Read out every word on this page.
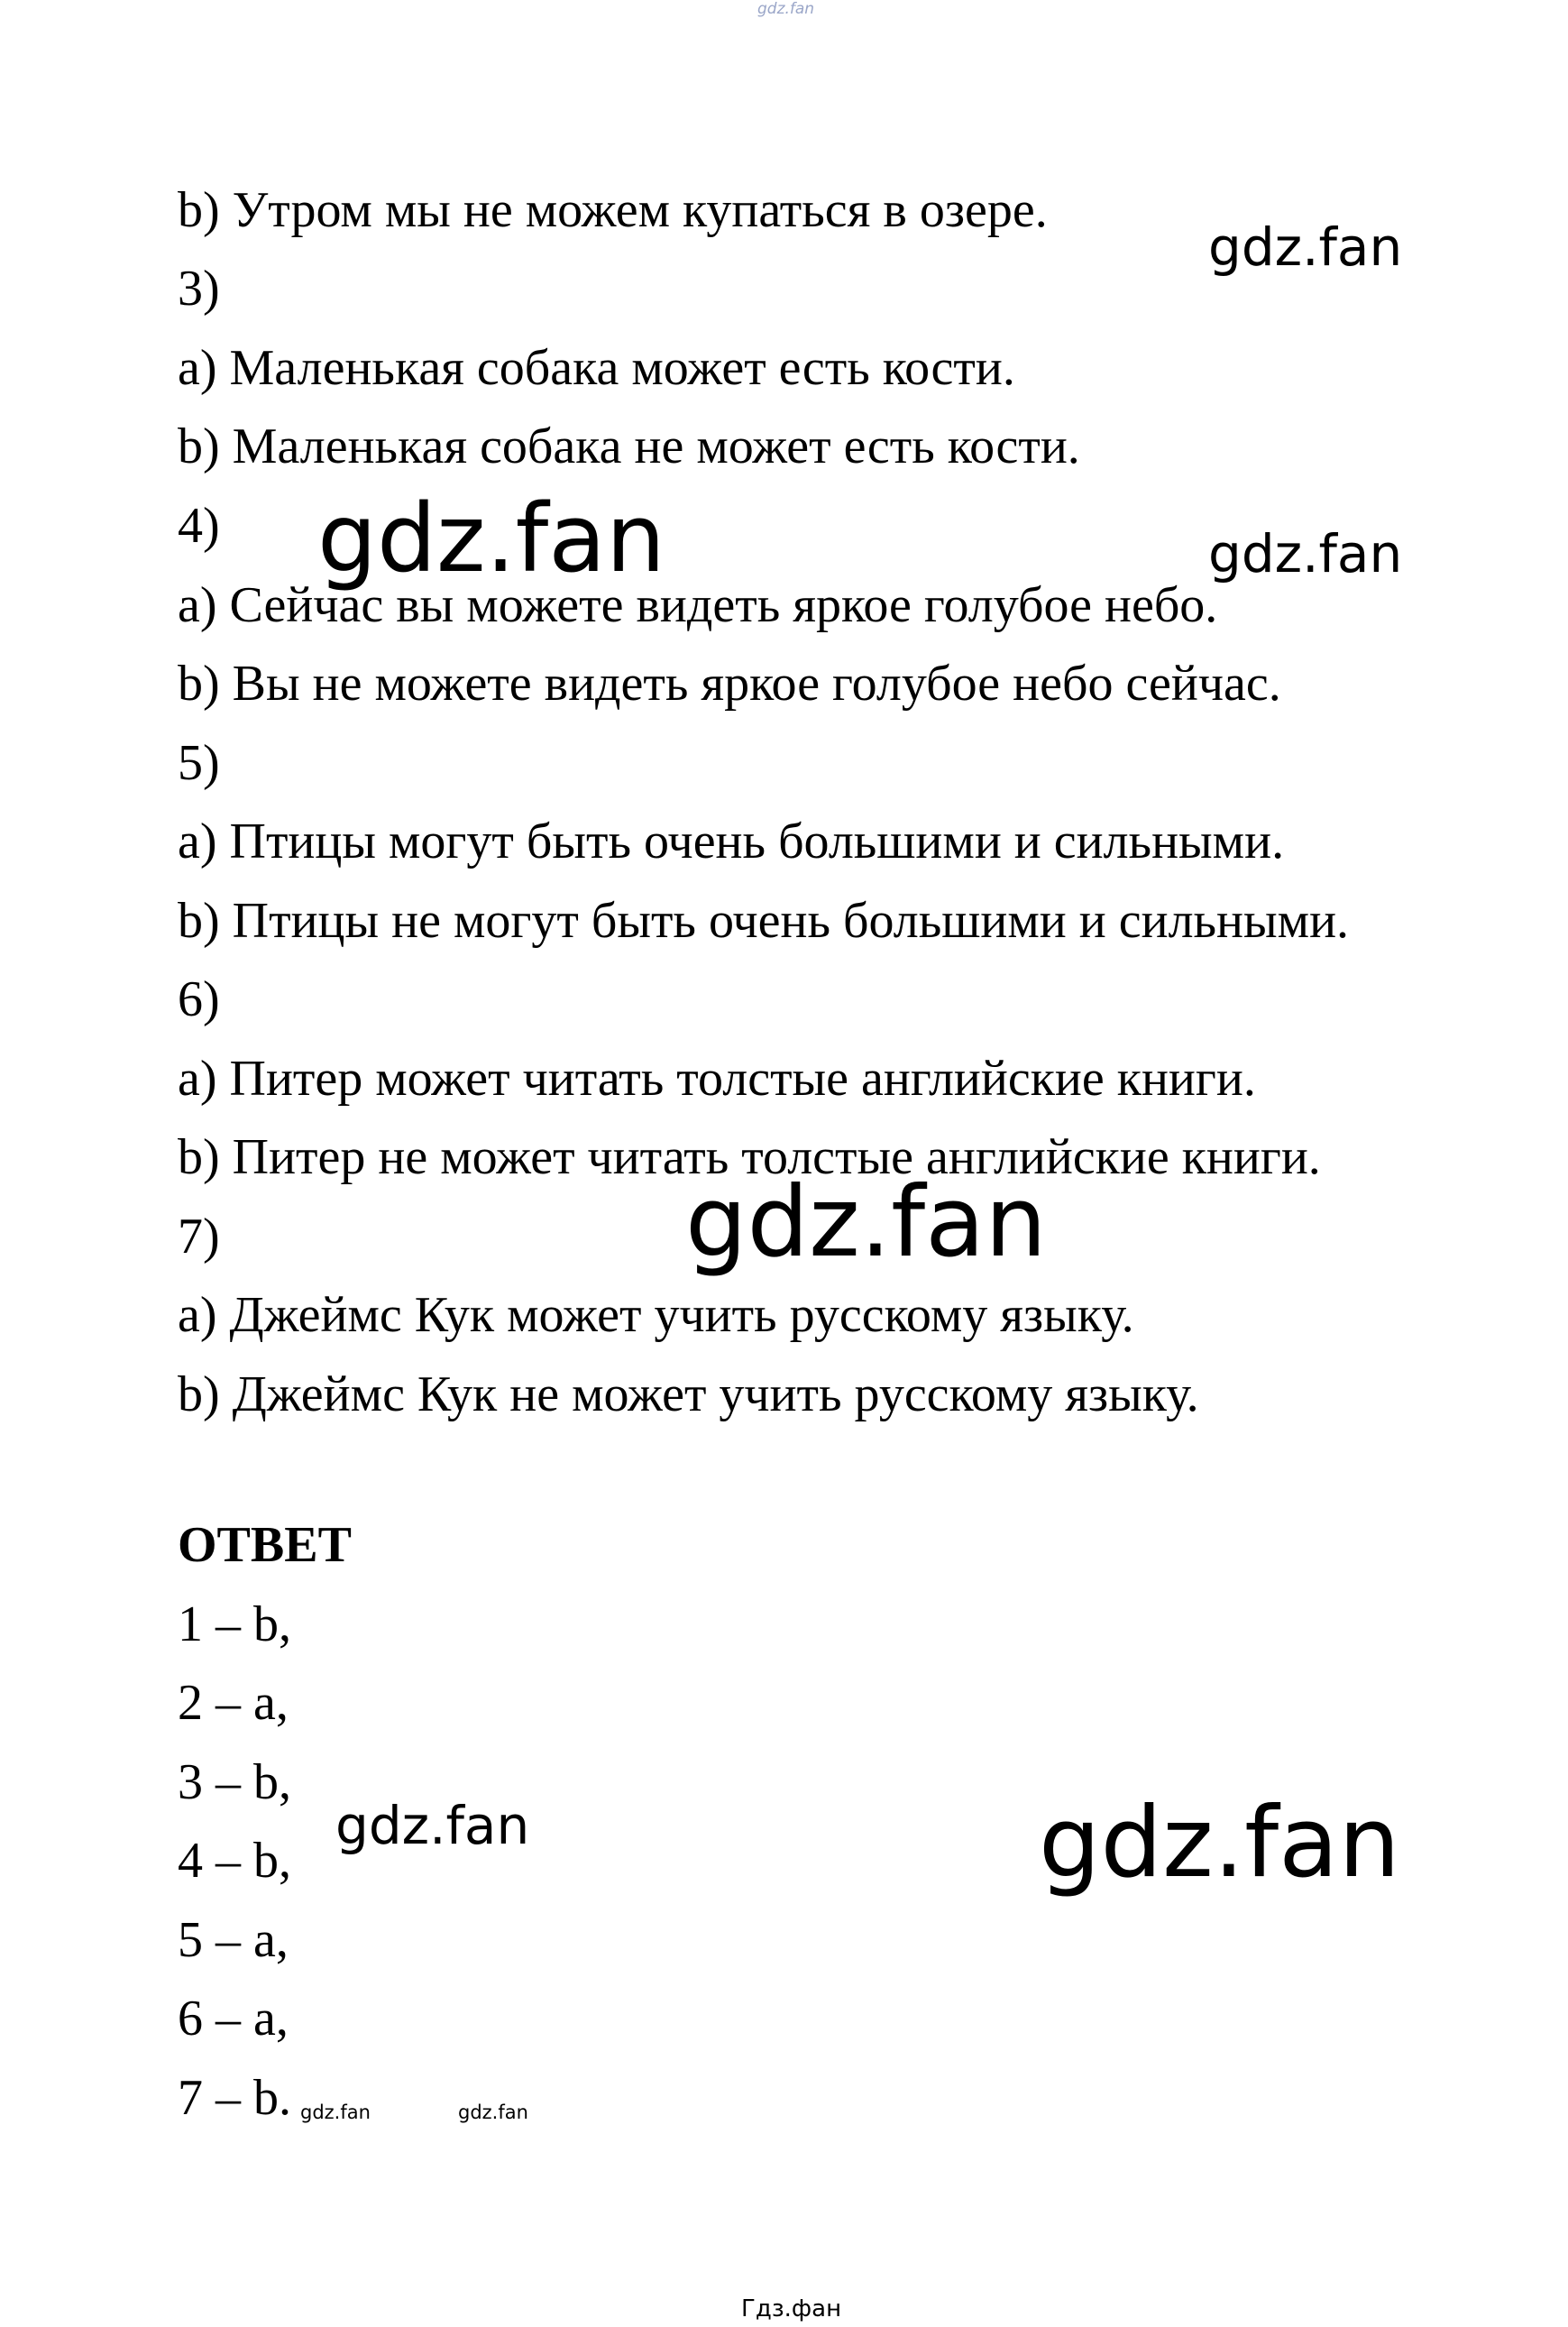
gdz.fan
b) Утром мы не можем купаться в озере.
3)
a) Маленькая собака может есть кости.
b) Маленькая собака не может есть кости.
4)
a) Сейчас вы можете видеть яркое голубое небо.
b) Вы не можете видеть яркое голубое небо сейчас.
5)
a) Птицы могут быть очень большими и сильными.
b) Птицы не могут быть очень большими и сильными.
6)
a) Питер может читать толстые английские книги.
b) Питер не может читать толстые английские книги.
7)
a) Джеймс Кук может учить русскому языку.
b) Джеймс Кук не может учить русскому языку.
ОТВЕТ
1 – b,
2 – a,
3 – b,
4 – b,
5 – a,
6 – a,
7 – b.
gdz.fan
gdz.fan	gdz.fan
gdz.fan
gdz.fan	gdz.fan
gdz.fan	gdz.fan
Гдз.фан
